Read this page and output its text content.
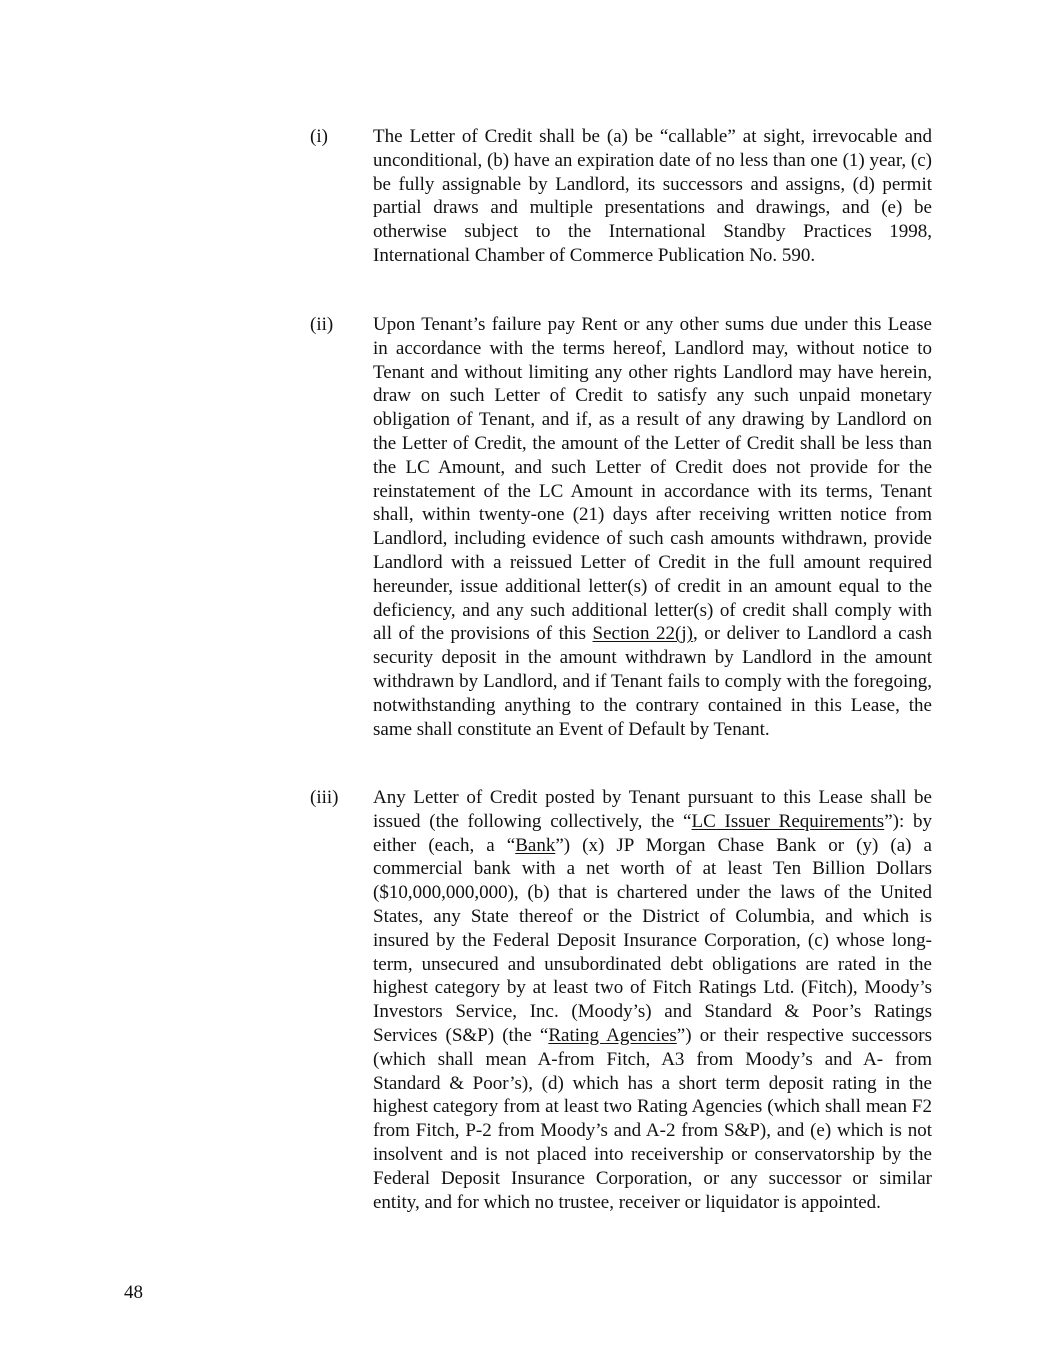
(i)	The Letter of Credit shall be (a) be “callable” at sight, irrevocable and unconditional, (b) have an expiration date of no less than one (1) year, (c) be fully assignable by Landlord, its successors and assigns, (d) permit partial draws and multiple presentations and drawings, and (e) be otherwise subject to the International Standby Practices 1998, International Chamber of Commerce Publication No. 590.
(ii)	Upon Tenant’s failure pay Rent or any other sums due under this Lease in accordance with the terms hereof, Landlord may, without notice to Tenant and without limiting any other rights Landlord may have herein, draw on such Letter of Credit to satisfy any such unpaid monetary obligation of Tenant, and if, as a result of any drawing by Landlord on the Letter of Credit, the amount of the Letter of Credit shall be less than the LC Amount, and such Letter of Credit does not provide for the reinstatement of the LC Amount in accordance with its terms, Tenant shall, within twenty-one (21) days after receiving written notice from Landlord, including evidence of such cash amounts withdrawn, provide Landlord with a reissued Letter of Credit in the full amount required hereunder, issue additional letter(s) of credit in an amount equal to the deficiency, and any such additional letter(s) of credit shall comply with all of the provisions of this Section 22(j), or deliver to Landlord a cash security deposit in the amount withdrawn by Landlord in the amount withdrawn by Landlord, and if Tenant fails to comply with the foregoing, notwithstanding anything to the contrary contained in this Lease, the same shall constitute an Event of Default by Tenant.
(iii)	Any Letter of Credit posted by Tenant pursuant to this Lease shall be issued (the following collectively, the “LC Issuer Requirements”): by either (each, a “Bank”) (x) JP Morgan Chase Bank or (y) (a) a commercial bank with a net worth of at least Ten Billion Dollars ($10,000,000,000), (b) that is chartered under the laws of the United States, any State thereof or the District of Columbia, and which is insured by the Federal Deposit Insurance Corporation, (c) whose long-term, unsecured and unsubordinated debt obligations are rated in the highest category by at least two of Fitch Ratings Ltd. (Fitch), Moody’s Investors Service, Inc. (Moody’s) and Standard & Poor’s Ratings Services (S&P) (the “Rating Agencies”) or their respective successors (which shall mean A-from Fitch, A3 from Moody’s and A- from Standard & Poor’s), (d) which has a short term deposit rating in the highest category from at least two Rating Agencies (which shall mean F2 from Fitch, P-2 from Moody’s and A-2 from S&P), and (e) which is not insolvent and is not placed into receivership or conservatorship by the Federal Deposit Insurance Corporation, or any successor or similar entity, and for which no trustee, receiver or liquidator is appointed.
48
